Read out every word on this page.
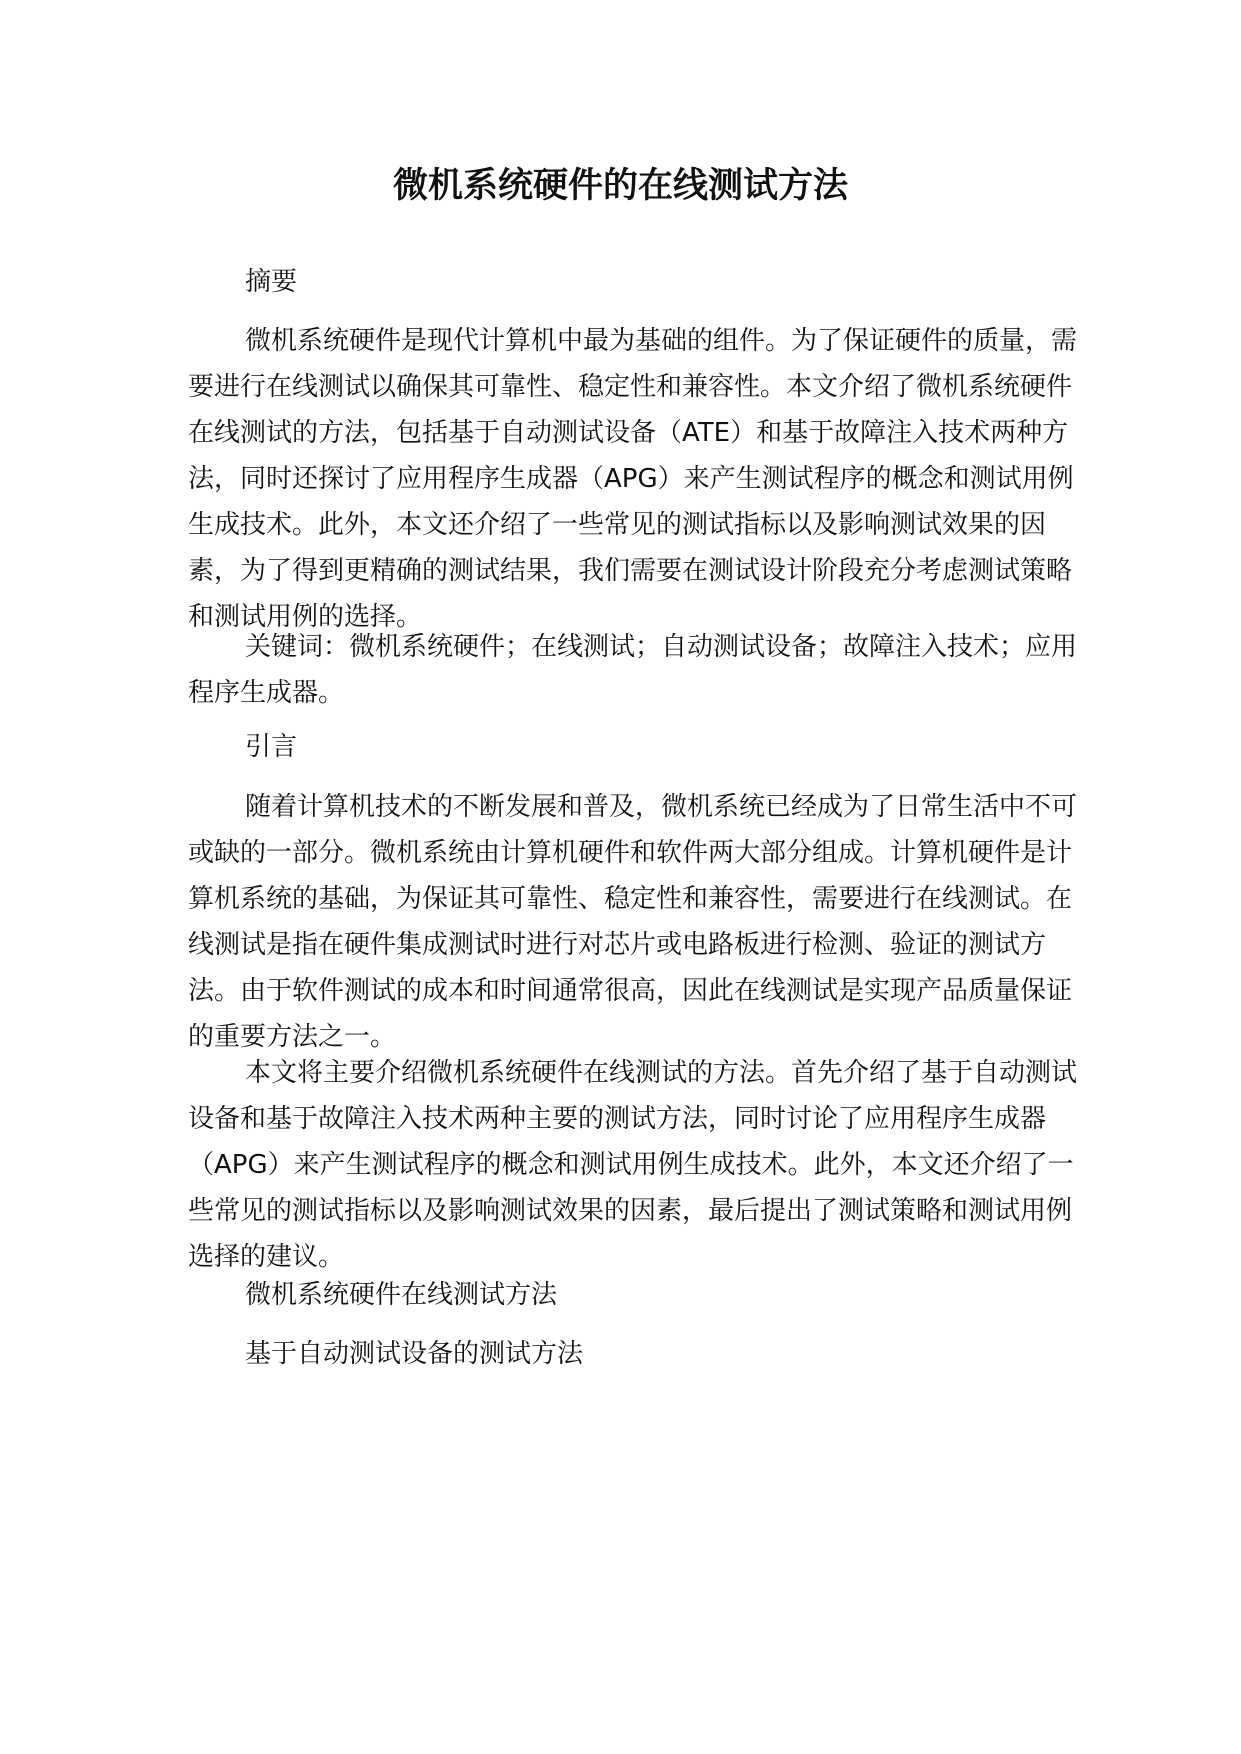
微机系统硬件的在线测试方法

摘要

微机系统硬件是现代计算机中最为基础的组件。为了保证硬件的质量，需要进行在线测试以确保其可靠性、稳定性和兼容性。本文介绍了微机系统硬件在线测试的方法，包括基于自动测试设备（ATE）和基于故障注入技术两种方法，同时还探讨了应用程序生成器（APG）来产生测试程序的概念和测试用例生成技术。此外，本文还介绍了一些常见的测试指标以及影响测试效果的因素，为了得到更精确的测试结果，我们需要在测试设计阶段充分考虑测试策略和测试用例的选择。

关键词：微机系统硬件；在线测试；自动测试设备；故障注入技术；应用程序生成器。

引言

随着计算机技术的不断发展和普及，微机系统已经成为了日常生活中不可或缺的一部分。微机系统由计算机硬件和软件两大部分组成。计算机硬件是计算机系统的基础，为保证其可靠性、稳定性和兼容性，需要进行在线测试。在线测试是指在硬件集成测试时进行对芯片或电路板进行检测、验证的测试方法。由于软件测试的成本和时间通常很高，因此在线测试是实现产品质量保证的重要方法之一。

本文将主要介绍微机系统硬件在线测试的方法。首先介绍了基于自动测试设备和基于故障注入技术两种主要的测试方法，同时讨论了应用程序生成器（APG）来产生测试程序的概念和测试用例生成技术。此外，本文还介绍了一些常见的测试指标以及影响测试效果的因素，最后提出了测试策略和测试用例选择的建议。

微机系统硬件在线测试方法

基于自动测试设备的测试方法
